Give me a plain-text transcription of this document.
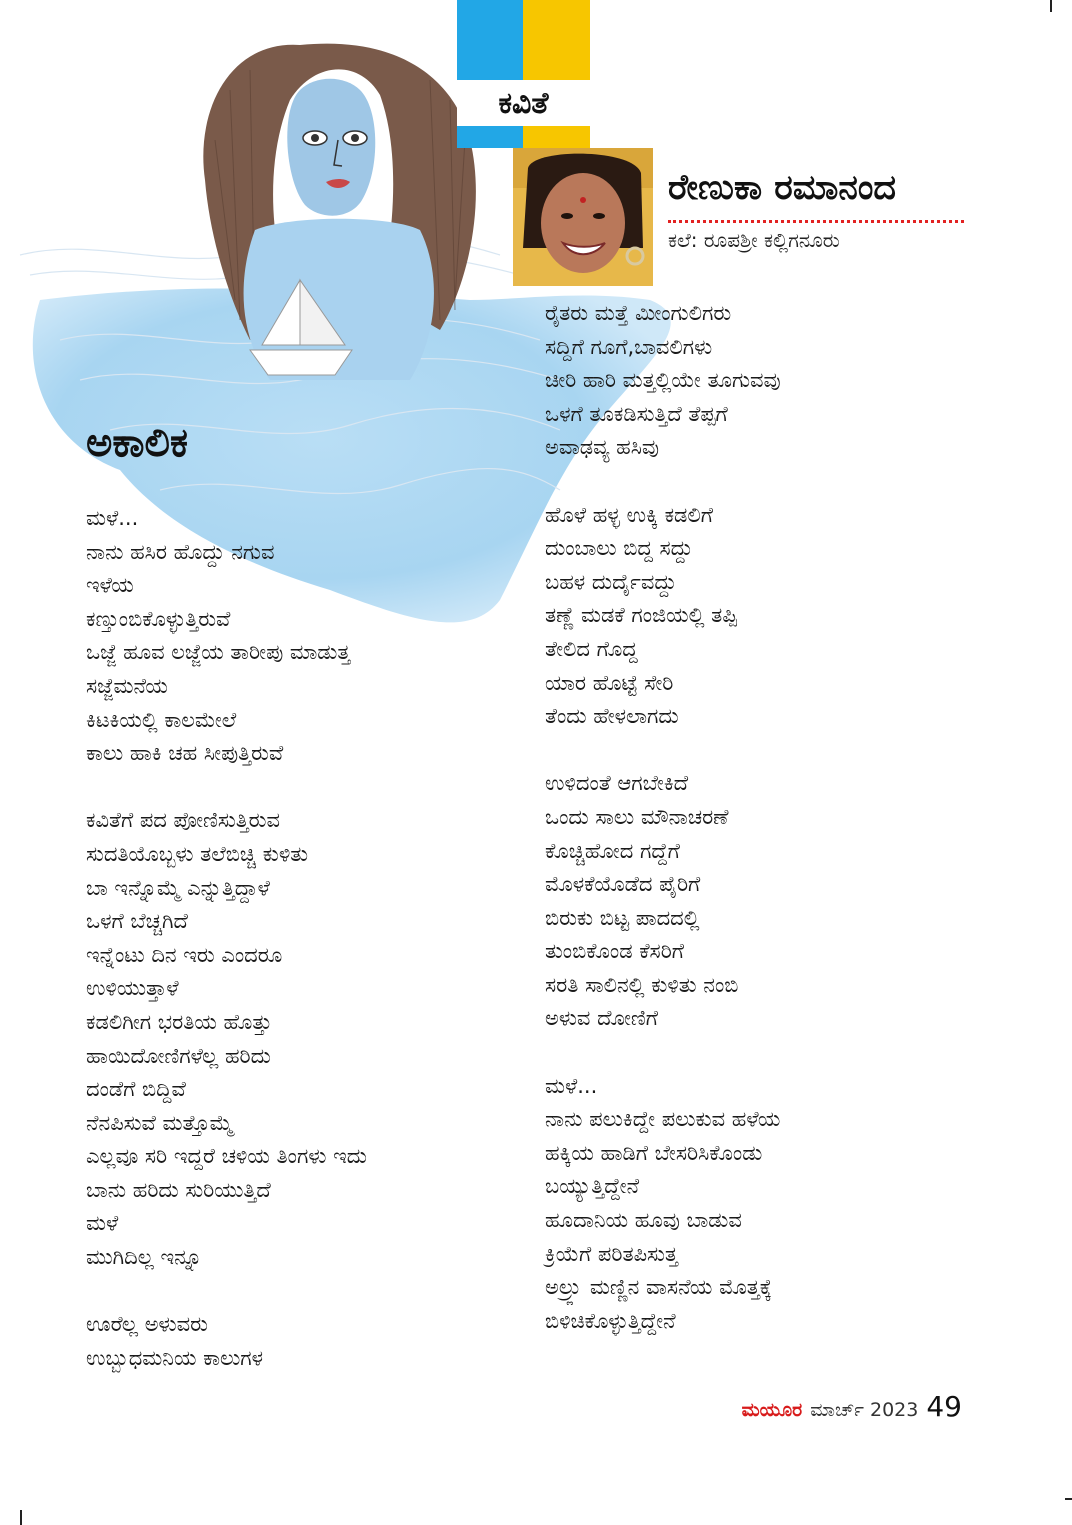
ಕವಿತೆ
ರೇಣುಕಾ ರಮಾನಂದ
ಕಲೆ: ರೂಪಶ್ರೀ ಕಲ್ಲಿಗನೂರು
ಅಕಾಲಿಕ
ಮಳೆ...
ನಾನು ಹಸಿರ ಹೊದ್ದು ನಗುವ
ಇಳೆಯ
ಕಣ್ತುಂಬಿಕೊಳ್ಳುತ್ತಿರುವೆ
ಒಜ್ಜೆ ಹೂವ ಲಜ್ಜೆಯ ತಾರೀಪು ಮಾಡುತ್ತ
ಸಜ್ಜೆಮನೆಯ
ಕಿಟಕಿಯಲ್ಲಿ ಕಾಲಮೇಲೆ
ಕಾಲು ಹಾಕಿ ಚಹ ಸೀಪುತ್ತಿರುವೆ
ಕವಿತೆಗೆ ಪದ ಪೋಣಿಸುತ್ತಿರುವ
ಸುದತಿಯೊಬ್ಬಳು ತಲೆಬಿಚ್ಚಿ ಕುಳಿತು
ಬಾ ಇನ್ನೊಮ್ಮೆ ಎನ್ನುತ್ತಿದ್ದಾಳೆ
ಒಳಗೆ ಬೆಚ್ಚಗಿದೆ
ಇನ್ನೆಂಟು ದಿನ ಇರು ಎಂದರೂ
ಉಳಿಯುತ್ತಾಳೆ
ಕಡಲಿಗೀಗ ಭರತಿಯ ಹೊತ್ತು
ಹಾಯಿದೋಣಿಗಳೆಲ್ಲ ಹರಿದು
ದಂಡೆಗೆ ಬಿದ್ದಿವೆ
ನೆನಪಿಸುವೆ ಮತ್ತೊಮ್ಮೆ
ಎಲ್ಲವೂ ಸರಿ ಇದ್ದರೆ ಚಳಿಯ ತಿಂಗಳು ಇದು
ಬಾನು ಹರಿದು ಸುರಿಯುತ್ತಿದೆ
ಮಳೆ
ಮುಗಿದಿಲ್ಲ ಇನ್ನೂ
ಊರೆಲ್ಲ ಅಳುವರು
ಉಬ್ಬುಧಮನಿಯ ಕಾಲುಗಳ
ರೈತರು ಮತ್ತೆ ಮೀಂಗುಲಿಗರು
ಸದ್ದಿಗೆ ಗೂಗೆ,ಬಾವಲಿಗಳು
ಚೀರಿ ಹಾರಿ ಮತ್ತಲ್ಲಿಯೇ ತೂಗುವವು
ಒಳಗೆ ತೂಕಡಿಸುತ್ತಿದೆ ತೆಪ್ಪಗೆ
ಅವಾಢವ್ಯ ಹಸಿವು
ಹೊಳೆ ಹಳ್ಳ ಉಕ್ಕಿ ಕಡಲಿಗೆ
ದುಂಬಾಲು ಬಿದ್ದ ಸದ್ದು
ಬಹಳ ದುರ್ದೈವದ್ದು
ತಣ್ಣೆ ಮಡಕೆ ಗಂಜಿಯಲ್ಲಿ ತಪ್ಪಿ
ತೇಲಿದ ಗೊದ್ದ
ಯಾರ ಹೊಟ್ಟೆ ಸೇರಿ
ತೆಂದು ಹೇಳಲಾಗದು
ಉಳಿದಂತೆ ಆಗಬೇಕಿದೆ
ಒಂದು ಸಾಲು ಮೌನಾಚರಣೆ
ಕೊಚ್ಚಿಹೋದ ಗದ್ದೆಗೆ
ಮೊಳಕೆಯೊಡೆದ ಪೈರಿಗೆ
ಬಿರುಕು ಬಿಟ್ಟ ಪಾದದಲ್ಲಿ
ತುಂಬಿಕೊಂಡ ಕೆಸರಿಗೆ
ಸರತಿ ಸಾಲಿನಲ್ಲಿ ಕುಳಿತು ನಂಬಿ
ಅಳುವ ದೋಣಿಗೆ
ಮಳೆ...
ನಾನು ಪಲುಕಿದ್ದೇ ಪಲುಕುವ ಹಳೆಯ
ಹಕ್ಕಿಯ ಹಾಡಿಗೆ ಬೇಸರಿಸಿಕೊಂಡು
ಬಯ್ಯುತ್ತಿದ್ದೇನೆ
ಹೂದಾನಿಯ ಹೂವು ಬಾಡುವ
ಕ್ರಿಯೆಗೆ ಪರಿತಪಿಸುತ್ತ
ಅಲ್ರ್ಲು ಮಣ್ಣಿನ ವಾಸನೆಯ ಮೊತ್ತಕ್ಕೆ
ಬಿಳಿಚಿಕೊಳ್ಳುತ್ತಿದ್ದೇನೆ
ಮಯೂರ ಮಾರ್ಚ್ 2023 49
